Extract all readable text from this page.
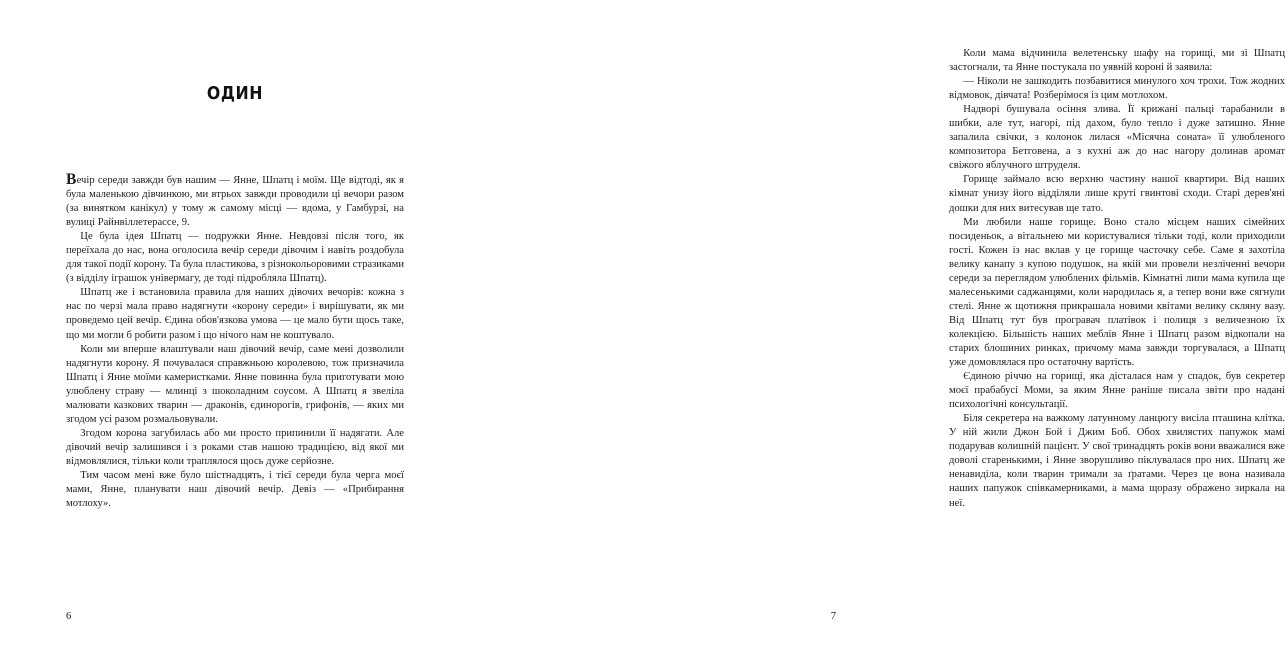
ОДИН

Вечір середи завжди був нашим — Янне, Шпатц і моїм. Ще відтоді, як я була маленькою дівчинкою, ми втрьох завжди проводили ці вечори разом (за винятком канікул) у тому ж самому місці — вдома, у Гамбурзі, на вулиці Райнвіллетерассе, 9.

Це була ідея Шпатц — подружки Янне. Невдовзі після того, як переїхала до нас, вона оголосила вечір середи дівочим і навіть роздобула для такої події корону. Та була пластикова, з різнокольоровими стразиками (з відділу іграшок універмагу, де тоді підробляла Шпатц).

Шпатц же і встановила правила для наших дівочих вечорів: кожна з нас по черзі мала право надягнути «корону середи» і вирішувати, як ми проведемо цей вечір. Єдина обов'язкова умова — це мало бути щось таке, що ми могли б робити разом і що нічого нам не коштувало.

Коли ми вперше влаштували наш дівочий вечір, саме мені дозволили надягнути корону. Я почувалася справжньою королевою, тож призначила Шпатц і Янне моїми камеристками. Янне повинна була приготувати мою улюблену страву — млинці з шоколадним соусом. А Шпатц я звеліла малювати казкових тварин — драконів, єдинорогів, грифонів, — яких ми згодом усі разом розмальовували.

Згодом корона загубилась або ми просто припинили її надягати. Але дівочий вечір залишився і з роками став нашою традицією, від якої ми відмовлялися, тільки коли траплялося щось дуже серйозне.

Тим часом мені вже було шістнадцять, і тієї середи була черга моєї мами, Янне, планувати наш дівочий вечір. Девіз — «Прибирання мотлоху».

6

Коли мама відчинила велетенську шафу на горищі, ми зі Шпатц застогнали, та Янне постукала по уявній короні й заявила:

— Ніколи не зашкодить позбавитися минулого хоч трохи. Тож жодних відмовок, дівчата! Розберімося із цим мотлохом.

Надворі бушувала осіння злива. Її крижані пальці тарабанили в шибки, але тут, нагорі, під дахом, було тепло і дуже затишно. Янне запалила свічки, з колонок лилася «Місячна соната» її улюбленого композитора Бетговена, а з кухні аж до нас нагору долинав аромат свіжого яблучного штруделя.

Горище займало всю верхню частину нашої квартири. Від наших кімнат унизу його відділяли лише круті гвинтові сходи. Старі дерев'яні дошки для них витесував ще тато.

Ми любили наше горище. Воно стало місцем наших сімейних посиденьок, а вітальнею ми користувалися тільки тоді, коли приходили гості. Кожен із нас вклав у це горище часточку себе. Саме я захотіла велику канапу з купою подушок, на якій ми провели незліченні вечори середи за переглядом улюблених фільмів. Кімнатні липи мама купила ще малесенькими саджанцями, коли народилась я, а тепер вони вже сягнули стелі. Янне ж щотижня прикрашала новими квітами велику скляну вазу. Від Шпатц тут був програвач платівок і полиця з величезною їх колекцією. Більшість наших меблів Янне і Шпатц разом відкопали на старих блошиних ринках, причому мама завжди торгувалася, а Шпатц уже домовлялася про остаточну вартість.

Єдиною річчю на горищі, яка дісталася нам у спадок, був секретер моєї прабабусі Моми, за яким Янне раніше писала звіти про надані психологічні консультації.

Біля секретера на важкому латунному ланцюгу висіла пташина клітка. У ній жили Джон Бой і Джим Боб. Обох хвилястих папужок мамі подарував колишній пацієнт. У свої тринадцять років вони вважалися вже доволі старенькими, і Янне зворушливо піклувалася про них. Шпатц же ненавиділа, коли тварин тримали за ґратами. Через це вона називала наших папужок співкамерниками, а мама щоразу ображено зиркала на неї.

7
